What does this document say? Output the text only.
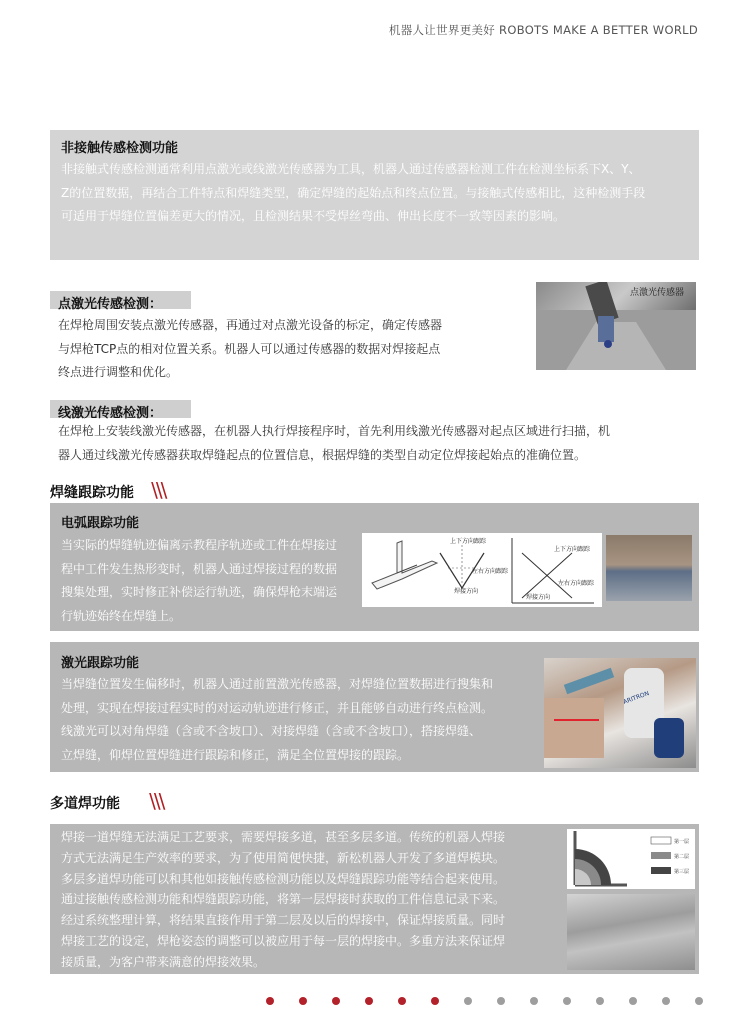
机器人让世界更美好 ROBOTS MAKE A BETTER WORLD
非接触传感检测功能
非接触式传感检测通常利用点激光或线激光传感器为工具，机器人通过传感器检测工件在检测坐标系下X、Y、
Z的位置数据，再结合工件特点和焊缝类型，确定焊缝的起始点和终点位置。与接触式传感相比，这种检测手段
可适用于焊缝位置偏差更大的情况，且检测结果不受焊丝弯曲、伸出长度不一致等因素的影响。
点激光传感检测：
在焊枪周围安装点激光传感器，再通过对点激光设备的标定，确定传感器
与焊枪TCP点的相对位置关系。机器人可以通过传感器的数据对焊接起点
终点进行调整和优化。
点激光传感器
线激光传感检测：
在焊枪上安装线激光传感器，在机器人执行焊接程序时，首先利用线激光传感器对起点区域进行扫描，机
器人通过线激光传感器获取焊缝起点的位置信息，根据焊缝的类型自动定位焊接起始点的准确位置。
焊缝跟踪功能 \\\
电弧跟踪功能
当实际的焊缝轨迹偏离示教程序轨迹或工件在焊接过
程中工件发生热形变时，机器人通过焊接过程的数据
搜集处理，实时修正补偿运行轨迹，确保焊枪末端运
行轨迹始终在焊缝上。
上下方向跟踪
左右方向跟踪
焊接方向
上下方向跟踪
左右方向跟踪
焊接方向
激光跟踪功能
当焊缝位置发生偏移时，机器人通过前置激光传感器，对焊缝位置数据进行搜集和
处理，实现在焊接过程实时的对运动轨迹进行修正，并且能够自动进行终点检测。
线激光可以对角焊缝（含或不含坡口）、对接焊缝（含或不含坡口），搭接焊缝、
立焊缝，仰焊位置焊缝进行跟踪和修正，满足全位置焊接的跟踪。
ARITRON
多道焊功能 \\\
焊接一道焊缝无法满足工艺要求，需要焊接多道，甚至多层多道。传统的机器人焊接
方式无法满足生产效率的要求，为了使用简便快捷，新松机器人开发了多道焊模块。
多层多道焊功能可以和其他如接触传感检测功能以及焊缝跟踪功能等结合起来使用。
通过接触传感检测功能和焊缝跟踪功能，将第一层焊接时获取的工件信息记录下来。
经过系统整理计算，将结果直接作用于第二层及以后的焊接中，保证焊接质量。同时
焊接工艺的设定，焊枪姿态的调整可以被应用于每一层的焊接中。多重方法来保证焊
接质量，为客户带来满意的焊接效果。
第一层
第二层
第三层
